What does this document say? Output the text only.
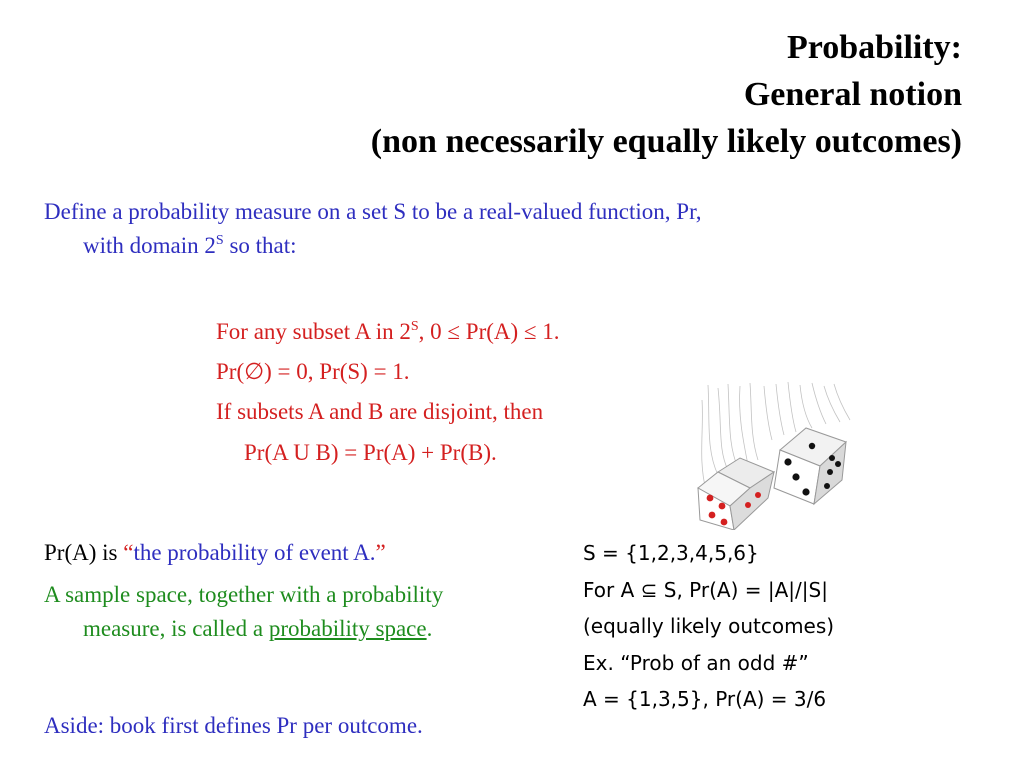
Probability:
General notion
(non necessarily equally likely outcomes)
Define a probability measure on a set S to be a real-valued function, Pr,
with domain $2^S$ so that:
For any subset A in $2^S$, 0 ≤ Pr(A) ≤ 1.
Pr(∅) = 0, Pr(S) = 1.
If subsets A and B are disjoint, then
Pr(A U B) = Pr(A) + Pr(B).
Pr(A) is “the probability of event A.”
A sample space, together with a probability
measure, is called a probability space.
Aside: book first defines Pr per outcome.
S = {1,2,3,4,5,6}
For A ⊆ S, Pr(A) = |A|/|S|
(equally likely outcomes)
Ex. “Prob of an odd #”
A = {1,3,5}, Pr(A) = 3/6
